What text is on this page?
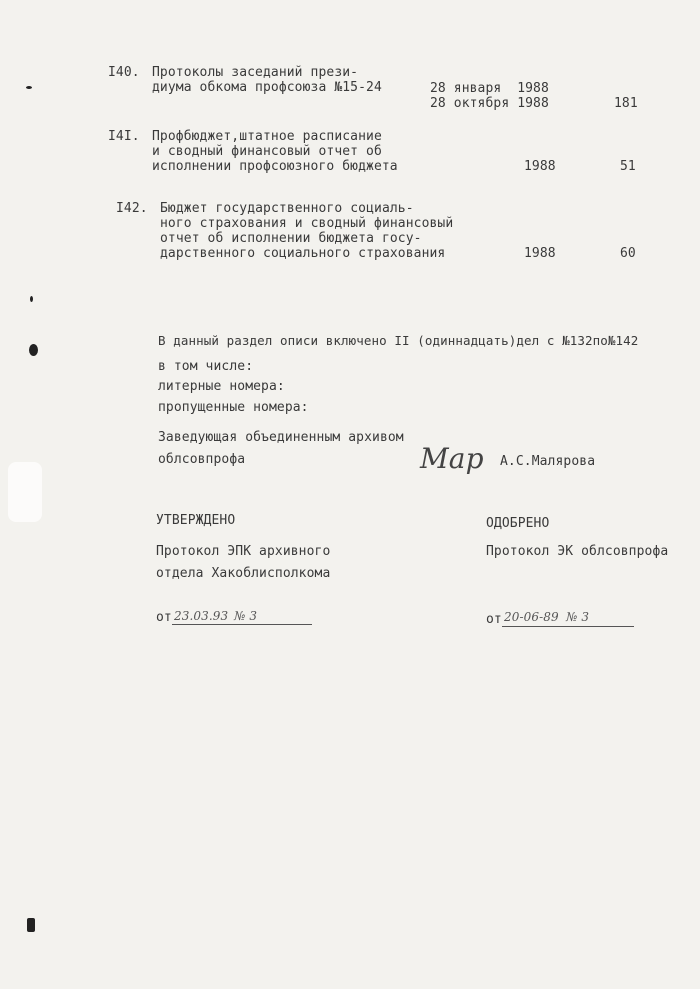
I40. Протоколы заседаний прези-
диума обкома профсоюза №15-24	28 января  1988
28 октября 1988	181
I4I. Профбюджет,штатное расписание
и сводный финансовый отчет об
исполнении профсоюзного бюджета	1988	51
I42. Бюджет государственного социаль-
ного страхования и сводный финансовый
отчет об исполнении бюджета госу-
дарственного социального страхования	1988	60
В данный раздел описи включено II (одиннадцать)дел с №132по№142
в том числе:
литерные номера:
пропущенные номера:
Заведующая объединенным архивом
облсовпрофа	Мар А.С.Малярова
УТВЕРЖДЕНО
Протокол ЭПК архивного
отдела Хакоблисполкома
от 23.03.93 № 3
ОДОБРЕНО
Протокол ЭК облсовпрофа
от 20-06-89 № 3
